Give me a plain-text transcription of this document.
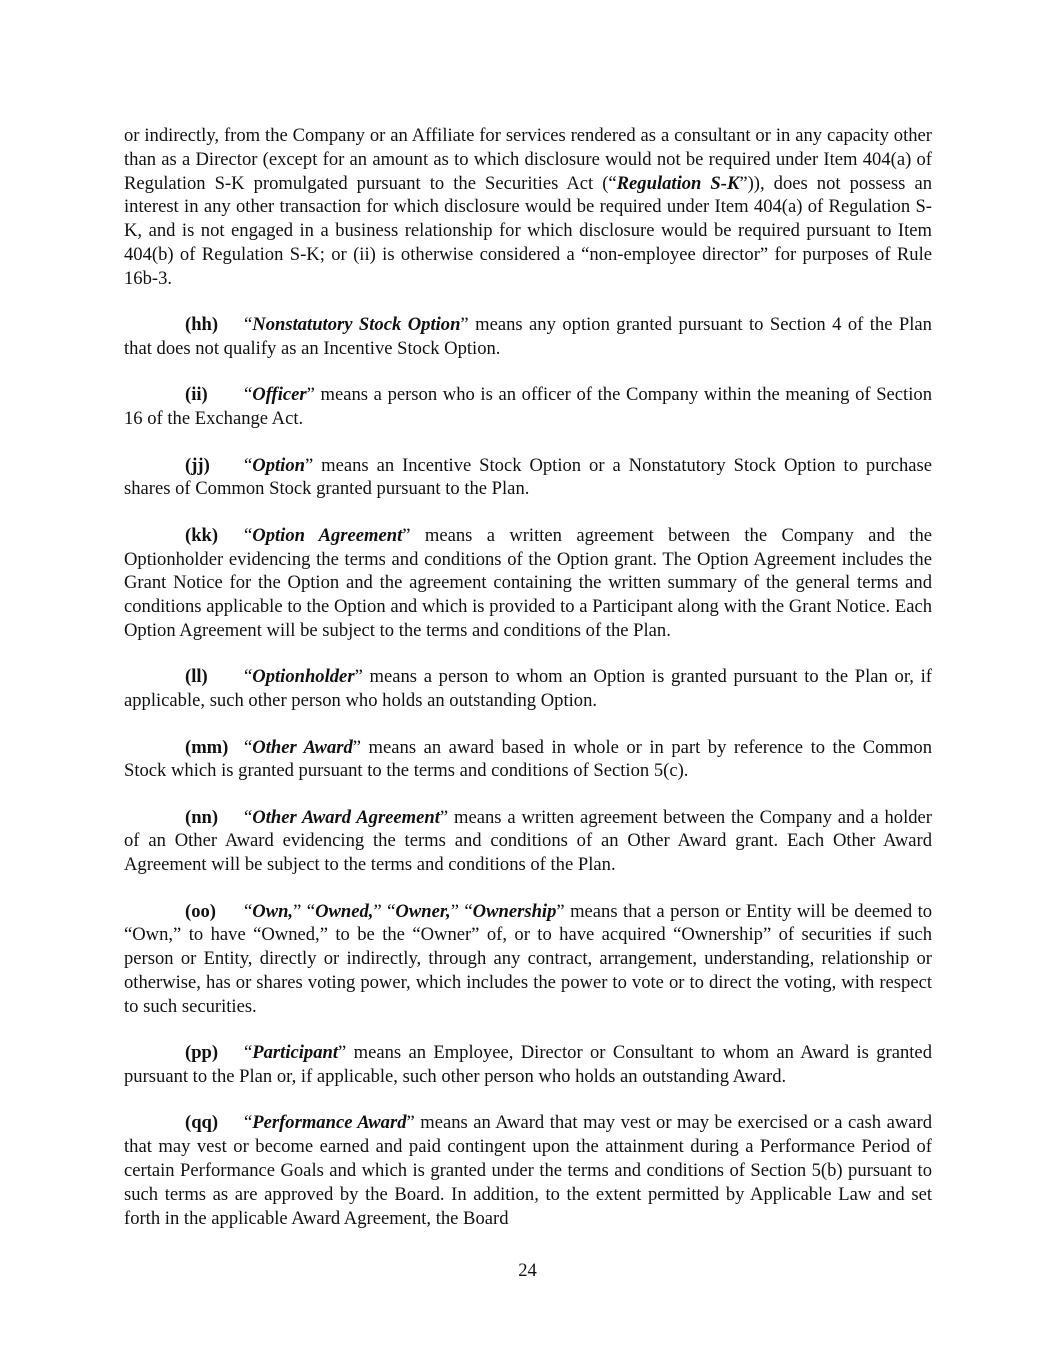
or indirectly, from the Company or an Affiliate for services rendered as a consultant or in any capacity other than as a Director (except for an amount as to which disclosure would not be required under Item 404(a) of Regulation S-K promulgated pursuant to the Securities Act (“Regulation S-K”)), does not possess an interest in any other transaction for which disclosure would be required under Item 404(a) of Regulation S-K, and is not engaged in a business relationship for which disclosure would be required pursuant to Item 404(b) of Regulation S-K; or (ii) is otherwise considered a “non-employee director” for purposes of Rule 16b-3.

(hh) “Nonstatutory Stock Option” means any option granted pursuant to Section 4 of the Plan that does not qualify as an Incentive Stock Option.

(ii) “Officer” means a person who is an officer of the Company within the meaning of Section 16 of the Exchange Act.

(jj) “Option” means an Incentive Stock Option or a Nonstatutory Stock Option to purchase shares of Common Stock granted pursuant to the Plan.

(kk) “Option Agreement” means a written agreement between the Company and the Optionholder evidencing the terms and conditions of the Option grant. The Option Agreement includes the Grant Notice for the Option and the agreement containing the written summary of the general terms and conditions applicable to the Option and which is provided to a Participant along with the Grant Notice. Each Option Agreement will be subject to the terms and conditions of the Plan.

(ll) “Optionholder” means a person to whom an Option is granted pursuant to the Plan or, if applicable, such other person who holds an outstanding Option.

(mm) “Other Award” means an award based in whole or in part by reference to the Common Stock which is granted pursuant to the terms and conditions of Section 5(c).

(nn) “Other Award Agreement” means a written agreement between the Company and a holder of an Other Award evidencing the terms and conditions of an Other Award grant. Each Other Award Agreement will be subject to the terms and conditions of the Plan.

(oo) “Own,” “Owned,” “Owner,” “Ownership” means that a person or Entity will be deemed to “Own,” to have “Owned,” to be the “Owner” of, or to have acquired “Ownership” of securities if such person or Entity, directly or indirectly, through any contract, arrangement, understanding, relationship or otherwise, has or shares voting power, which includes the power to vote or to direct the voting, with respect to such securities.

(pp) “Participant” means an Employee, Director or Consultant to whom an Award is granted pursuant to the Plan or, if applicable, such other person who holds an outstanding Award.

(qq) “Performance Award” means an Award that may vest or may be exercised or a cash award that may vest or become earned and paid contingent upon the attainment during a Performance Period of certain Performance Goals and which is granted under the terms and conditions of Section 5(b) pursuant to such terms as are approved by the Board. In addition, to the extent permitted by Applicable Law and set forth in the applicable Award Agreement, the Board

24
